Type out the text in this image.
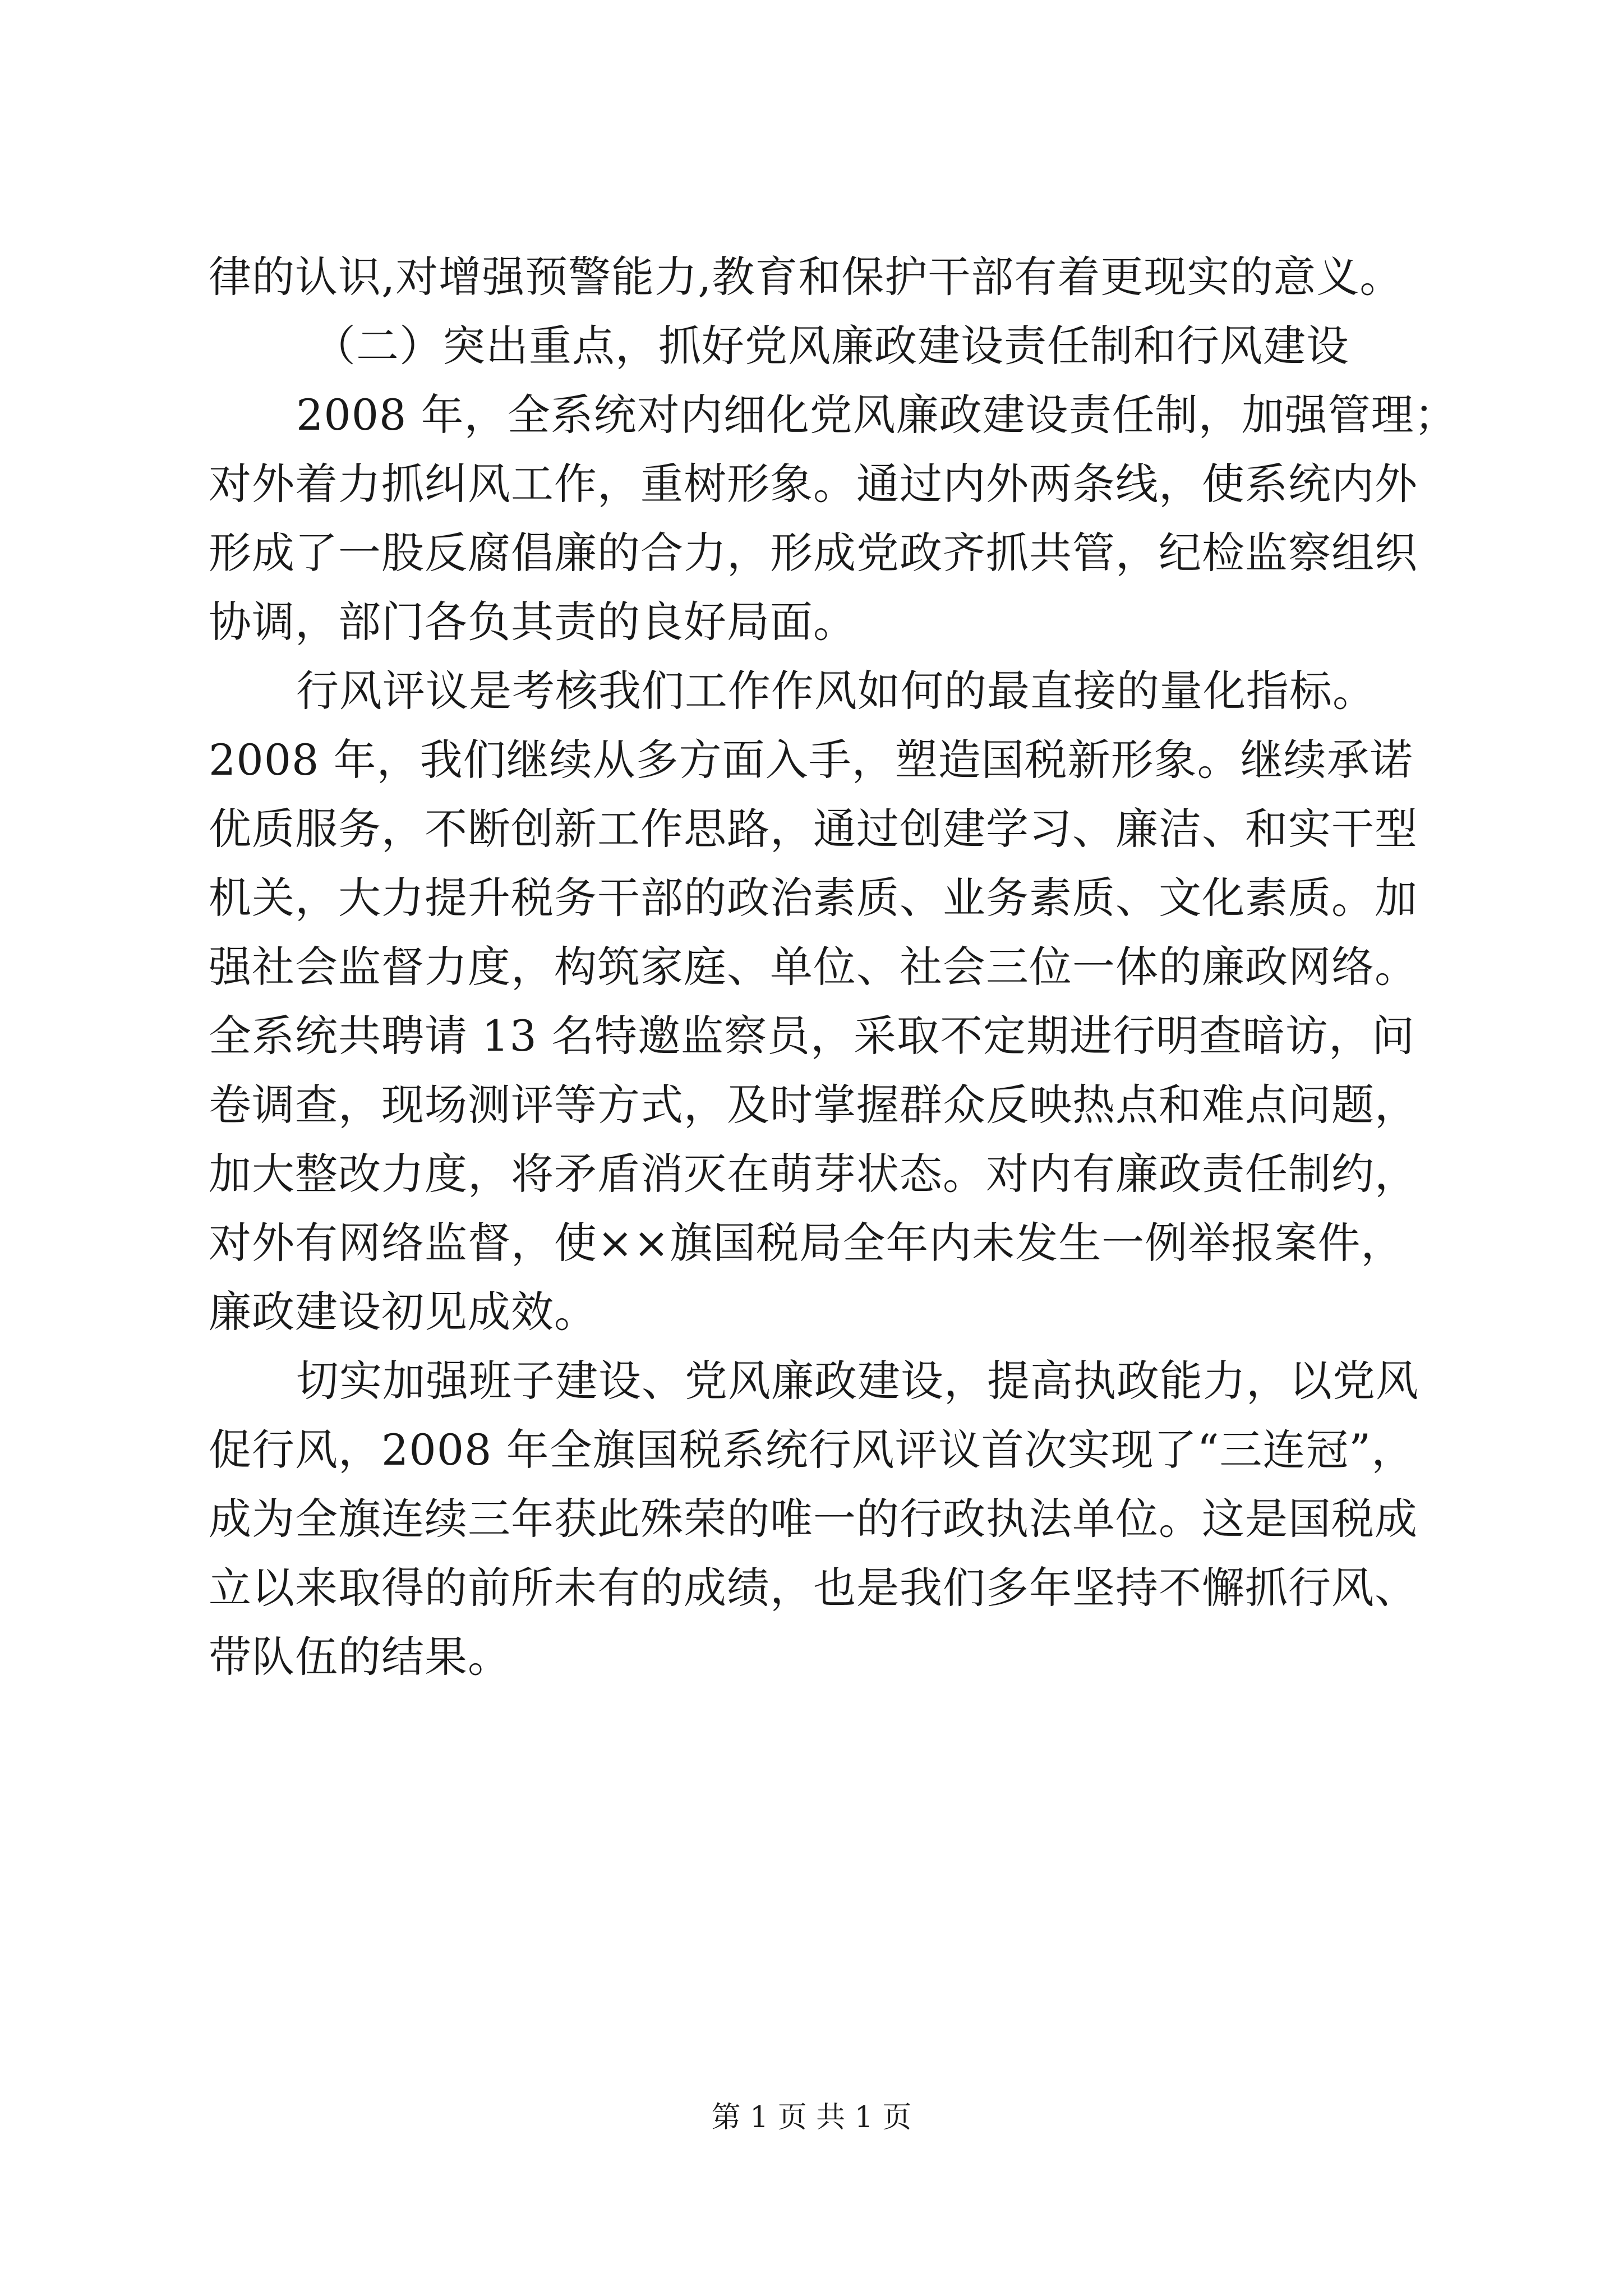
律的认识,对增强预警能力,教育和保护干部有着更现实的意义。
（二）突出重点，抓好党风廉政建设责任制和行风建设
2008 年，全系统对内细化党风廉政建设责任制，加强管理；
对外着力抓纠风工作，重树形象。通过内外两条线，使系统内外
形成了一股反腐倡廉的合力，形成党政齐抓共管，纪检监察组织
协调，部门各负其责的良好局面。
行风评议是考核我们工作作风如何的最直接的量化指标。
2008 年，我们继续从多方面入手，塑造国税新形象。继续承诺
优质服务，不断创新工作思路，通过创建学习、廉洁、和实干型
机关，大力提升税务干部的政治素质、业务素质、文化素质。加
强社会监督力度，构筑家庭、单位、社会三位一体的廉政网络。
全系统共聘请 13 名特邀监察员，采取不定期进行明查暗访，问
卷调查，现场测评等方式，及时掌握群众反映热点和难点问题，
加大整改力度，将矛盾消灭在萌芽状态。对内有廉政责任制约，
对外有网络监督，使××旗国税局全年内未发生一例举报案件，
廉政建设初见成效。
切实加强班子建设、党风廉政建设，提高执政能力，以党风
促行风，2008 年全旗国税系统行风评议首次实现了“三连冠”，
成为全旗连续三年获此殊荣的唯一的行政执法单位。这是国税成
立以来取得的前所未有的成绩，也是我们多年坚持不懈抓行风、
带队伍的结果。
第 1 页 共 1 页
